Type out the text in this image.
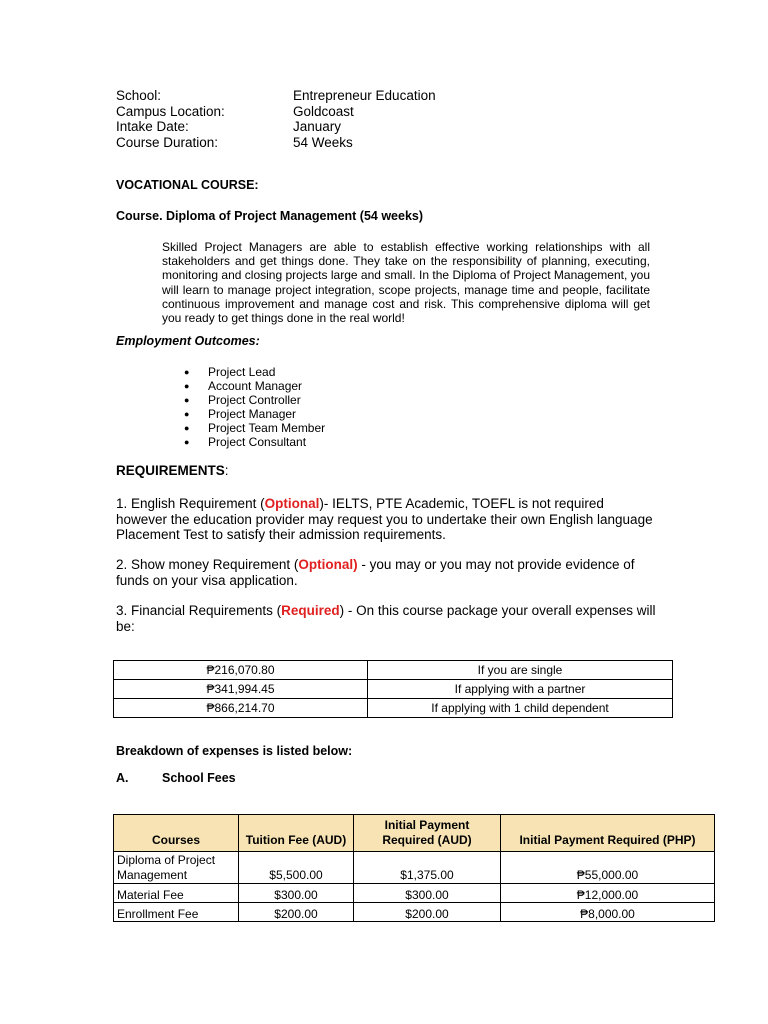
School:	Entrepreneur Education
Campus Location:	Goldcoast
Intake Date:	January
Course Duration:	54 Weeks
VOCATIONAL COURSE:
Course. Diploma of Project Management (54 weeks)
Skilled Project Managers are able to establish effective working relationships with all stakeholders and get things done. They take on the responsibility of planning, executing, monitoring and closing projects large and small. In the Diploma of Project Management, you will learn to manage project integration, scope projects, manage time and people, facilitate continuous improvement and manage cost and risk. This comprehensive diploma will get you ready to get things done in the real world!
Employment Outcomes:
● Project Lead
● Account Manager
● Project Controller
● Project Manager
● Project Team Member
● Project Consultant
REQUIREMENTS:
1. English Requirement (Optional)- IELTS, PTE Academic, TOEFL is not required however the education provider may request you to undertake their own English language Placement Test to satisfy their admission requirements.
2. Show money Requirement (Optional) - you may or you may not provide evidence of funds on your visa application.
3. Financial Requirements (Required) - On this course package your overall expenses will be:
₱216,070.80	If you are single
₱341,994.45	If applying with a partner
₱866,214.70	If applying with 1 child dependent
Breakdown of expenses is listed below:
A.	School Fees
Courses	Tuition Fee (AUD)	Initial Payment Required (AUD)	Initial Payment Required (PHP)
Diploma of Project Management	$5,500.00	$1,375.00	₱55,000.00
Material Fee	$300.00	$300.00	₱12,000.00
Enrollment Fee	$200.00	$200.00	₱8,000.00
